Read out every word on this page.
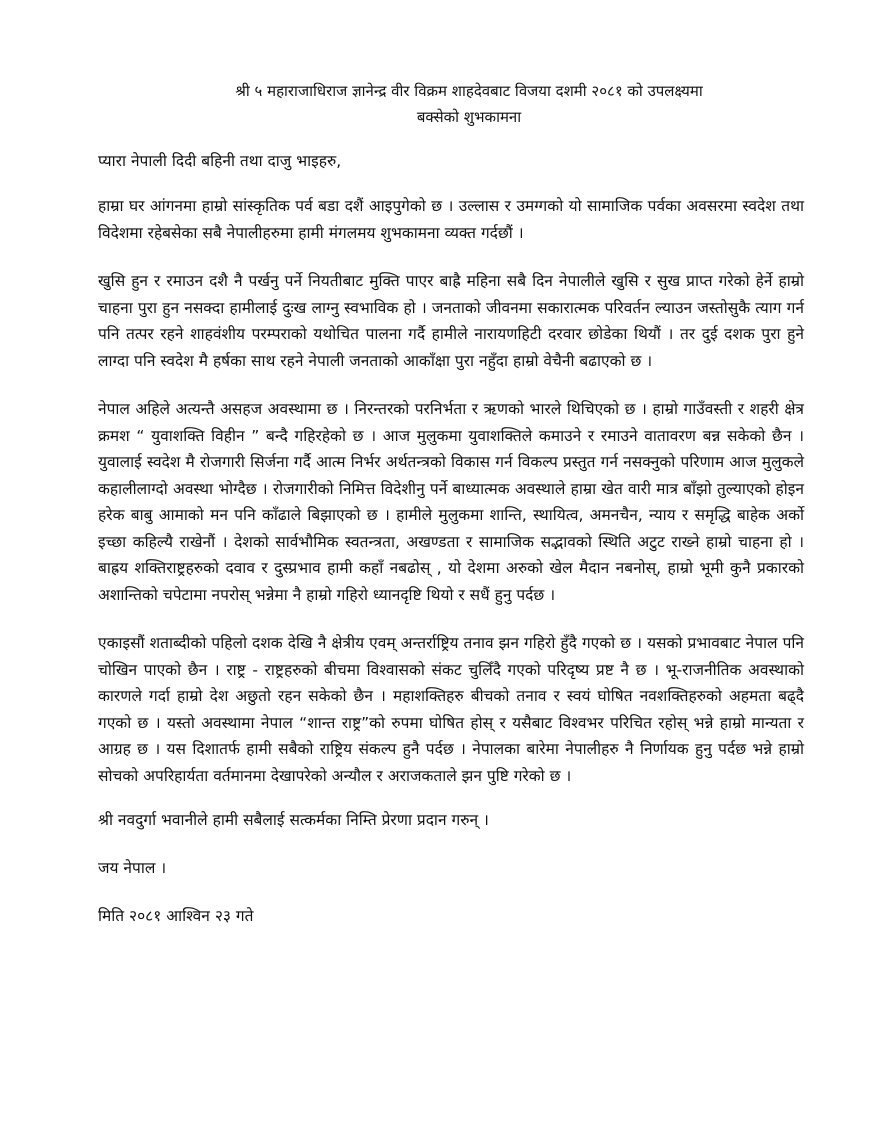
श्री ५ महाराजाधिराज ज्ञानेन्द्र वीर विक्रम शाहदेवबाट विजया दशमी २०८१ को उपलक्ष्यमा
बक्सेको शुभकामना

प्यारा नेपाली दिदी बहिनी तथा दाजु भाइहरु,

हाम्रा घर आंगनमा हाम्रो सांस्कृतिक पर्व बडा दशैं आइपुगेको छ । उल्लास र उमग्गको यो सामाजिक पर्वका अवसरमा स्वदेश तथा विदेशमा रहेबसेका सबै नेपालीहरुमा हामी मंगलमय शुभकामना व्यक्त गर्दछौं ।

खुसि हुन र रमाउन दशै नै पर्खनु पर्ने नियतीबाट मुक्ति पाएर बाह्रै महिना सबै दिन नेपालीले खुसि र सुख प्राप्त गरेको हेर्ने हाम्रो चाहना पुरा हुन नसक्दा हामीलाई दुःख लाग्नु स्वभाविक हो । जनताको जीवनमा सकारात्मक परिवर्तन ल्याउन जस्तोसुकै त्याग गर्न पनि तत्पर रहने शाहवंशीय परम्पराको यथोचित पालना गर्दै हामीले नारायणहिटी दरवार छोडेका थियौं । तर दुई दशक पुरा हुने लाग्दा पनि स्वदेश मै हर्षका साथ रहने नेपाली जनताको आकाँक्षा पुरा नहुँदा हाम्रो वेचैनी बढाएको छ ।

नेपाल अहिले अत्यन्तै असहज अवस्थामा छ । निरन्तरको परनिर्भता र ऋणको भारले थिचिएको छ । हाम्रो गाउँवस्ती र शहरी क्षेत्र क्रमश “ युवाशक्ति विहीन ” बन्दै गहिरहेको छ । आज मुलुकमा युवाशक्तिले कमाउने र रमाउने वातावरण बन्न सकेको छैन । युवालाई स्वदेश मै रोजगारी सिर्जना गर्दै आत्म निर्भर अर्थतन्त्रको विकास गर्न विकल्प प्रस्तुत गर्न नसक्नुको परिणाम आज मुलुकले कहालीलाग्दो अवस्था भोग्दैछ । रोजगारीको निमित्त विदेशीनु पर्ने बाध्यात्मक अवस्थाले हाम्रा खेत वारी मात्र बाँझो तुल्याएको होइन हरेक बाबु आमाको मन पनि काँढाले बिझाएको छ । हामीले मुलुकमा शान्ति, स्थायित्व, अमनचैन, न्याय र समृद्धि बाहेक अर्को इच्छा कहिल्यै राखेनौं । देशको सार्वभौमिक स्वतन्त्रता, अखण्डता र सामाजिक सद्भावको स्थिति अटुट राख्ने हाम्रो चाहना हो । बाह्रय शक्तिराष्ट्रहरुको दवाव र दुस्प्रभाव हामी कहाँ नबढोस् , यो देशमा अरुको खेल मैदान नबनोस्, हाम्रो भूमी कुनै प्रकारको अशान्तिको चपेटामा नपरोस् भन्नेमा नै हाम्रो गहिरो ध्यानदृष्टि थियो र सधैं हुनु पर्दछ ।

एकाइसौं शताब्दीको पहिलो दशक देखि नै क्षेत्रीय एवम् अन्तर्राष्ट्रिय तनाव झन गहिरो हुँदै गएको छ । यसको प्रभावबाट नेपाल पनि चोखिन पाएको छैन । राष्ट्र - राष्ट्रहरुको बीचमा विश्वासको संकट चुलिँदै गएको परिदृष्य प्रष्ट नै छ । भू-राजनीतिक अवस्थाको कारणले गर्दा हाम्रो देश अछुतो रहन सकेको छैन । महाशक्तिहरु बीचको तनाव र स्वयं घोषित नवशक्तिहरुको अहमता बढ्दै गएको छ । यस्तो अवस्थामा नेपाल “शान्त राष्ट्र”को रुपमा घोषित होस् र यसैबाट विश्वभर परिचित रहोस् भन्ने हाम्रो मान्यता र आग्रह छ । यस दिशातर्फ हामी सबैको राष्ट्रिय संकल्प हुनै पर्दछ । नेपालका बारेमा नेपालीहरु नै निर्णायक हुनु पर्दछ भन्ने हाम्रो सोचको अपरिहार्यता वर्तमानमा देखापरेको अन्यौल र अराजकताले झन पुष्टि गरेको छ ।

श्री नवदुर्गा भवानीले हामी सबैलाई सत्कर्मका निम्ति प्रेरणा प्रदान गरुन् ।

जय नेपाल ।

मिति २०८१ आश्विन २३ गते
